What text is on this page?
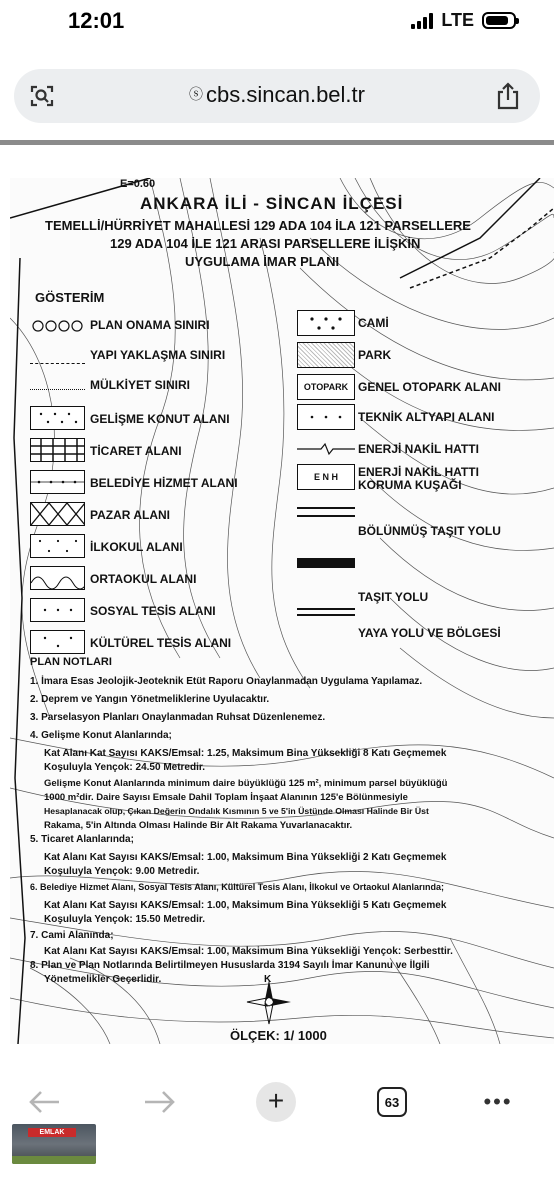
12:01	LTE
ⓢ cbs.sincan.bel.tr
E=0.60
ANKARA İLİ - SİNCAN İLÇESİ
TEMELLİ/HÜRRİYET MAHALLESİ 129 ADA 104 İLA 121 PARSELLERE
129 ADA 104 İLE 121 ARASI PARSELLERE İLİŞKİN
UYGULAMA İMAR PLANI
GÖSTERİM
PLAN ONAMA SINIRI
YAPI YAKLAŞMA SINIRI
MÜLKİYET SINIRI
GELİŞME KONUT ALANI
TİCARET ALANI
BELEDİYE HİZMET ALANI
PAZAR ALANI
İLKOKUL ALANI
ORTAOKUL ALANI
SOSYAL TESİS ALANI
KÜLTÜREL TESİS ALANI
OTOPARK
E N H
CAMİ
PARK
GENEL OTOPARK ALANI
TEKNİK ALTYAPI ALANI
ENERJİ NAKİL HATTI
ENERJİ NAKİL HATTI KORUMA KUŞAĞI
BÖLÜNMÜŞ TAŞIT YOLU
TAŞIT YOLU
YAYA YOLU VE BÖLGESİ
PLAN NOTLARI
1. İmara Esas Jeolojik-Jeoteknik Etüt Raporu Onaylanmadan Uygulama Yapılamaz.
2. Deprem ve Yangın Yönetmeliklerine Uyulacaktır.
3. Parselasyon Planları Onaylanmadan Ruhsat Düzenlenemez.
4. Gelişme Konut Alanlarında;
Kat Alanı Kat Sayısı KAKS/Emsal: 1.25, Maksimum Bina Yüksekliği 8 Katı Geçmemek
Koşuluyla Yençok: 24.50 Metredir.
Gelişme Konut Alanlarında minimum daire büyüklüğü 125 m², minimum parsel büyüklüğü
1000 m²dir. Daire Sayısı Emsale Dahil Toplam İnşaat Alanının 125'e Bölünmesiyle
Hesaplanacak olup, Çıkan Değerin Ondalık Kısmının 5 ve 5'in Üstünde Olması Halinde Bir Üst
Rakama, 5'in Altında Olması Halinde Bir Alt Rakama Yuvarlanacaktır.
5. Ticaret Alanlarında;
Kat Alanı Kat Sayısı KAKS/Emsal: 1.00, Maksimum Bina Yüksekliği 2 Katı Geçmemek
Koşuluyla Yençok: 9.00 Metredir.
6. Belediye Hizmet Alanı, Sosyal Tesis Alanı, Kültürel Tesis Alanı, İlkokul ve Ortaokul Alanlarında;
Kat Alanı Kat Sayısı KAKS/Emsal: 1.00, Maksimum Bina Yüksekliği 5 Katı Geçmemek
Koşuluyla Yençok: 15.50 Metredir.
7. Cami Alanında;
Kat Alanı Kat Sayısı KAKS/Emsal: 1.00, Maksimum Bina Yüksekliği Yençok: Serbesttir.
8. Plan ve Plan Notlarında Belirtilmeyen Hususlarda 3194 Sayılı İmar Kanunu ve İlgili
Yönetmelikler Geçerlidir.	K
ÖLÇEK: 1/ 1000
+	63	•••
EMLAK
